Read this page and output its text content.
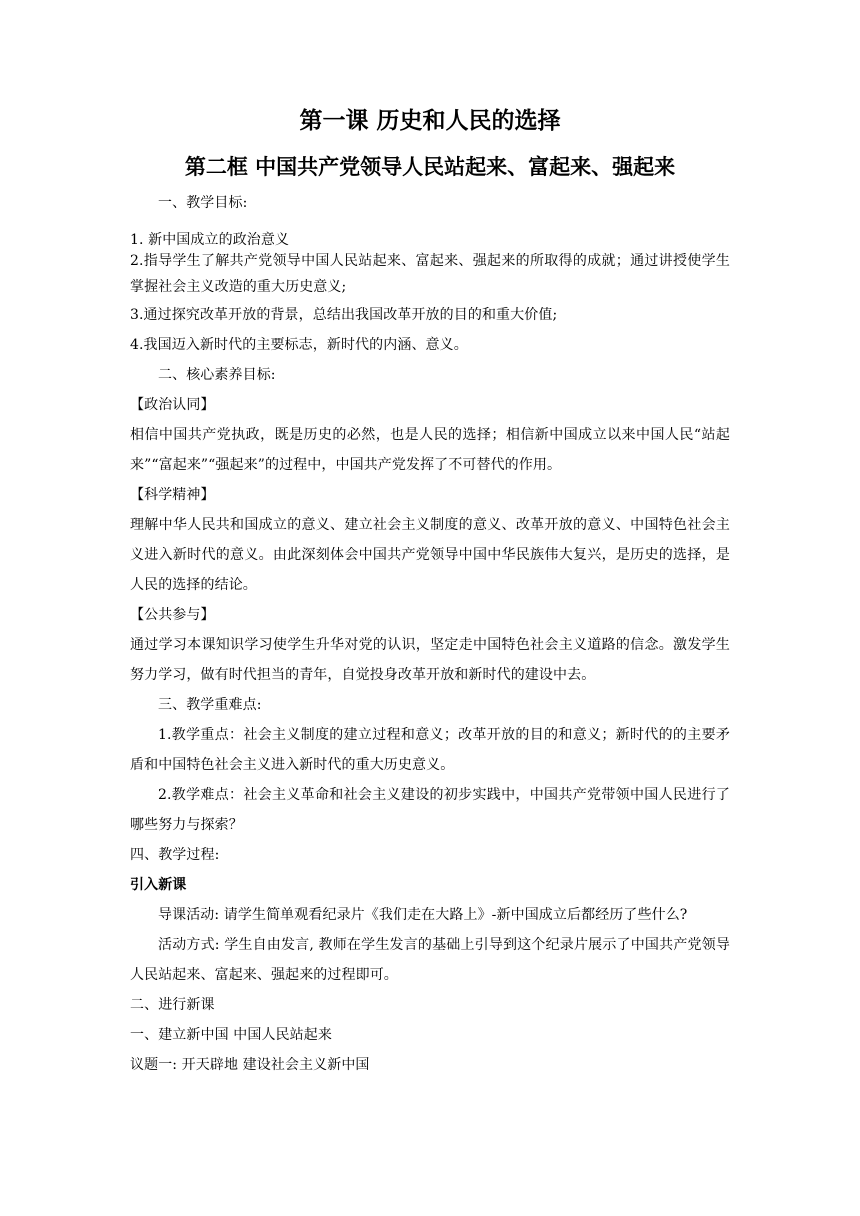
第一课 历史和人民的选择
第二框 中国共产党领导人民站起来、富起来、强起来

一、教学目标:

1. 新中国成立的政治意义

2.指导学生了解共产党领导中国人民站起来、富起来、强起来的所取得的成就；通过讲授使学生掌握社会主义改造的重大历史意义;

3.通过探究改革开放的背景，总结出我国改革开放的目的和重大价值;

4.我国迈入新时代的主要标志，新时代的内涵、意义。

二、核心素养目标:

【政治认同】

相信中国共产党执政，既是历史的必然，也是人民的选择；相信新中国成立以来中国人民“站起来”“富起来”“强起来”的过程中，中国共产党发挥了不可替代的作用。

【科学精神】

理解中华人民共和国成立的意义、建立社会主义制度的意义、改革开放的意义、中国特色社会主义进入新时代的意义。由此深刻体会中国共产党领导中国中华民族伟大复兴，是历史的选择，是人民的选择的结论。

【公共参与】

通过学习本课知识学习使学生升华对党的认识，坚定走中国特色社会主义道路的信念。激发学生努力学习，做有时代担当的青年，自觉投身改革开放和新时代的建设中去。

三、教学重难点:

1.教学重点：社会主义制度的建立过程和意义；改革开放的目的和意义；新时代的的主要矛盾和中国特色社会主义进入新时代的重大历史意义。

2.教学难点：社会主义革命和社会主义建设的初步实践中，中国共产党带领中国人民进行了哪些努力与探索？

四、教学过程:

引入新课

导课活动: 请学生简单观看纪录片《我们走在大路上》-新中国成立后都经历了些什么?

活动方式: 学生自由发言, 教师在学生发言的基础上引导到这个纪录片展示了中国共产党领导人民站起来、富起来、强起来的过程即可。

二、进行新课

一、建立新中国 中国人民站起来

议题一: 开天辟地 建设社会主义新中国
